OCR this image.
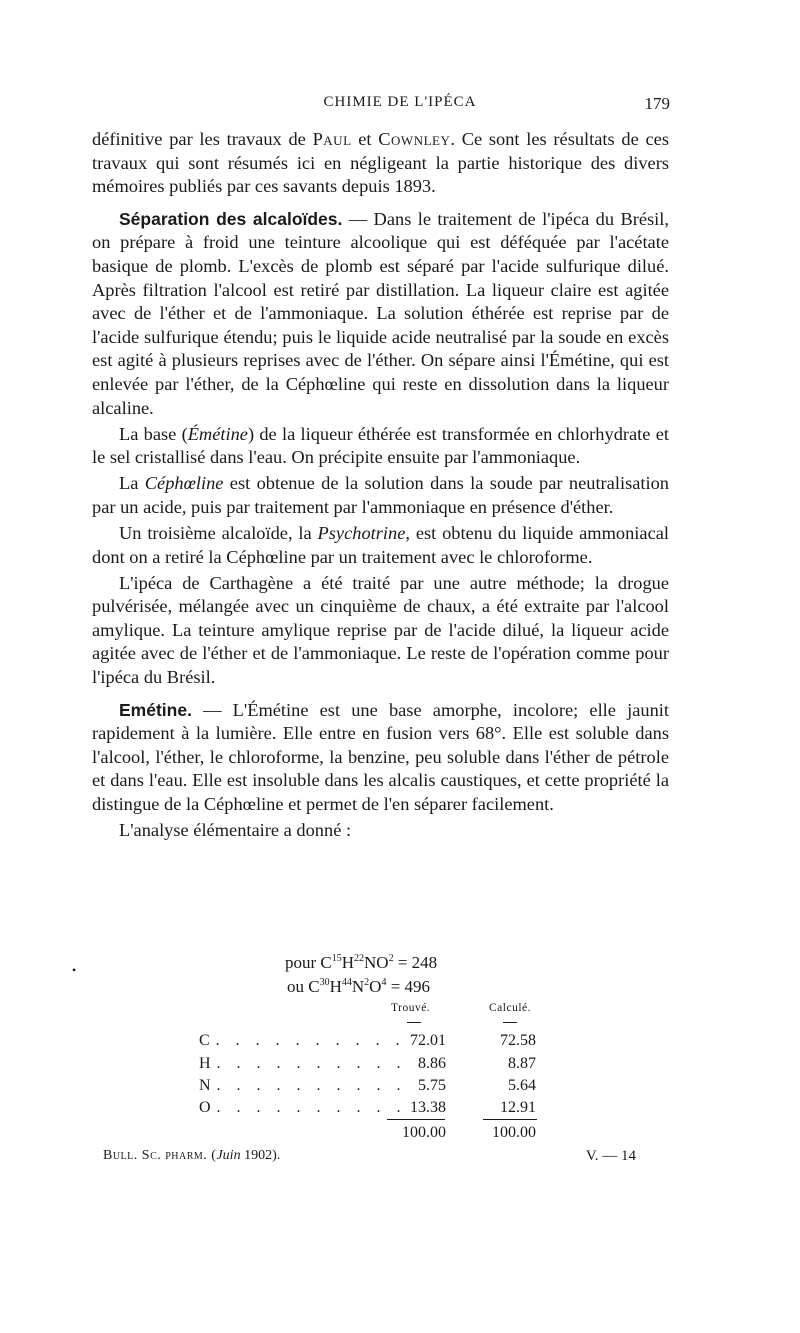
CHIMIE DE L'IPÉCA	179

définitive par les travaux de Paul et Cownley. Ce sont les résultats de ces travaux qui sont résumés ici en négligeant la partie historique des divers mémoires publiés par ces savants depuis 1893.

Séparation des alcaloïdes. — Dans le traitement de l'ipéca du Brésil, on prépare à froid une teinture alcoolique qui est déféquée par l'acétate basique de plomb. L'excès de plomb est séparé par l'acide sulfurique dilué. Après filtration l'alcool est retiré par distillation. La liqueur claire est agitée avec de l'éther et de l'ammoniaque. La solution éthérée est reprise par de l'acide sulfurique étendu; puis le liquide acide neutralisé par la soude en excès est agité à plusieurs reprises avec de l'éther. On sépare ainsi l'Émétine, qui est enlevée par l'éther, de la Céphœline qui reste en dissolution dans la liqueur alcaline.

La base (Émétine) de la liqueur éthérée est transformée en chlorhydrate et le sel cristallisé dans l'eau. On précipite ensuite par l'ammoniaque.

La Céphœline est obtenue de la solution dans la soude par neutralisation par un acide, puis par traitement par l'ammoniaque en présence d'éther.

Un troisième alcaloïde, la Psychotrine, est obtenu du liquide ammoniacal dont on a retiré la Céphœline par un traitement avec le chloroforme.

L'ipéca de Carthagène a été traité par une autre méthode; la drogue pulvérisée, mélangée avec un cinquième de chaux, a été extraite par l'alcool amylique. La teinture amylique reprise par de l'acide dilué, la liqueur acide agitée avec de l'éther et de l'ammoniaque. Le reste de l'opération comme pour l'ipéca du Brésil.

Emétine. — L'Émétine est une base amorphe, incolore; elle jaunit rapidement à la lumière. Elle entre en fusion vers 68°. Elle est soluble dans l'alcool, l'éther, le chloroforme, la benzine, peu soluble dans l'éther de pétrole et dans l'eau. Elle est insoluble dans les alcalis caustiques, et cette propriété la distingue de la Céphœline et permet de l'en séparer facilement.

L'analyse élémentaire a donné :

•	pour $C^{15}H^{22}NO^2 = 248$
ou $C^{30}H^{44}N^2O^4 = 496$
Trouvé.	Calculé.
C. . . . . . . . . . 72.01	72.58
H. . . . . . . . . . 8.86	8.87
N. . . . . . . . . . 5.75	5.64
O. . . . . . . . . . 13.38	12.91
100.00	100.00
Bull. Sc. pharm. (Juin 1902).	V. — 14
